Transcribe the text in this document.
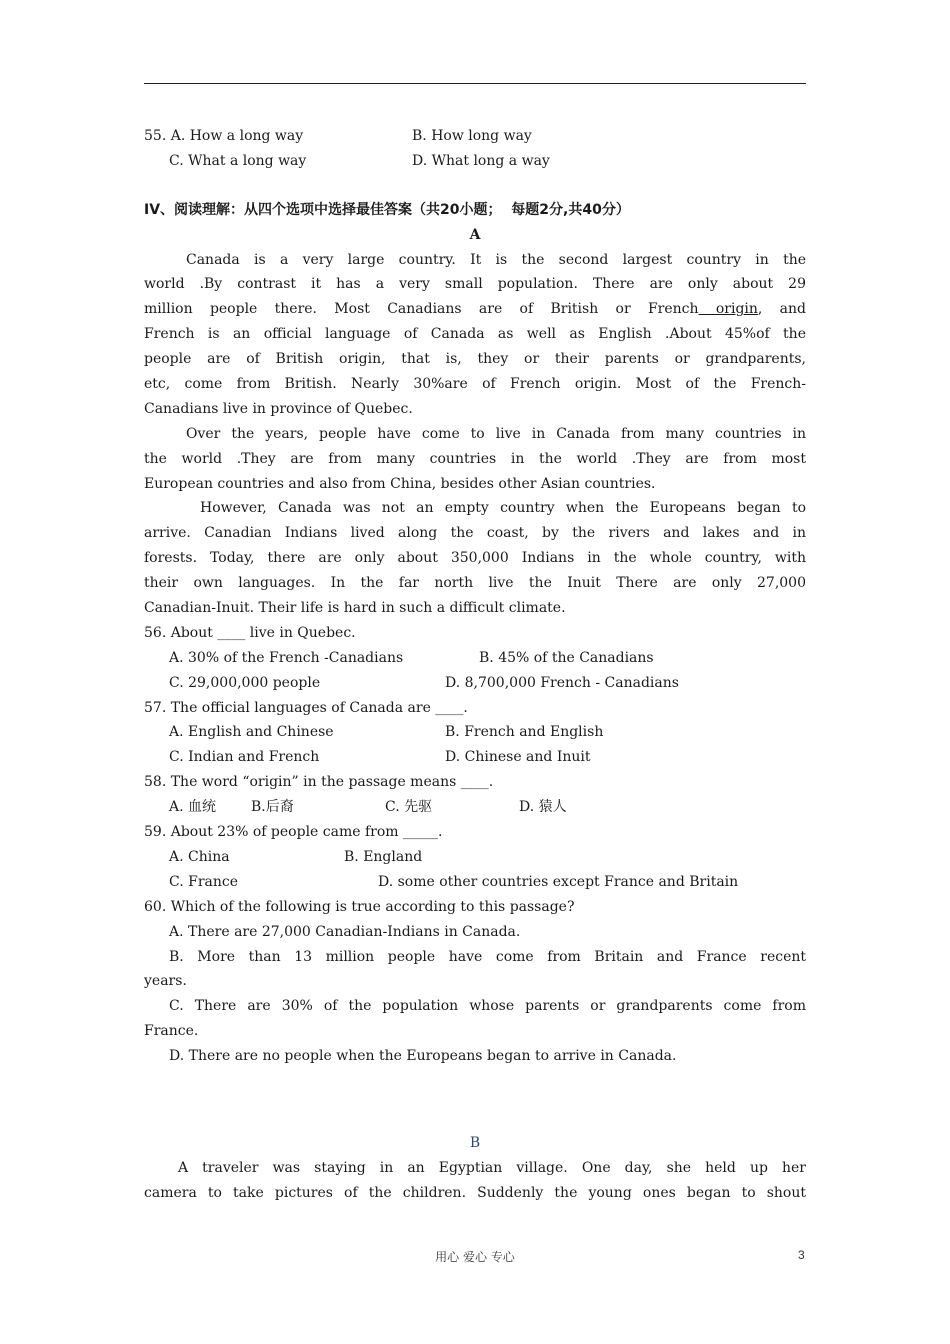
55. A. How a long way	B. How long way
C. What a long way	D. What long a way
IV、阅读理解：从四个选项中选择最佳答案（共20小题；  每题2分,共40分）
A
Canada is a very large country. It is the second largest country in the
world .By contrast it has a very small population. There are only about 29
million people there. Most Canadians are of British or French origin, and
French is an official language of Canada as well as English .About 45%of the
people are of British origin, that is, they or their parents or grandparents,
etc, come from British. Nearly 30%are of French origin. Most of the French-
Canadians live in province of Quebec.
Over the years, people have come to live in Canada from many countries in
the world .They are from many countries in the world .They are from most
European countries and also from China, besides other Asian countries.
However, Canada was not an empty country when the Europeans began to
arrive. Canadian Indians lived along the coast, by the rivers and lakes and in
forests. Today, there are only about 350,000 Indians in the whole country, with
their own languages. In the far north live the Inuit There are only 27,000
Canadian-Inuit. Their life is hard in such a difficult climate.
56. About ____ live in Quebec.
A. 30% of the French -Canadians	B. 45% of the Canadians
C. 29,000,000 people	D. 8,700,000 French - Canadians
57. The official languages of Canada are ____.
A. English and Chinese	B. French and English
C. Indian and French	D. Chinese and Inuit
58. The word “origin” in the passage means ____.
A. 血统 B.后裔	C. 先驱	D. 猿人
59. About 23% of people came from _____.
A. China	B. England
C. France	D. some other countries except France and Britain
60. Which of the following is true according to this passage?
A. There are 27,000 Canadian-Indians in Canada.
B. More than 13 million people have come from Britain and France recent
years.
C. There are 30% of the population whose parents or grandparents come from
France.
D. There are no people when the Europeans began to arrive in Canada.
B
A traveler was staying in an Egyptian village. One day, she held up her
camera to take pictures of the children. Suddenly the young ones began to shout
用心 爱心 专心	3
